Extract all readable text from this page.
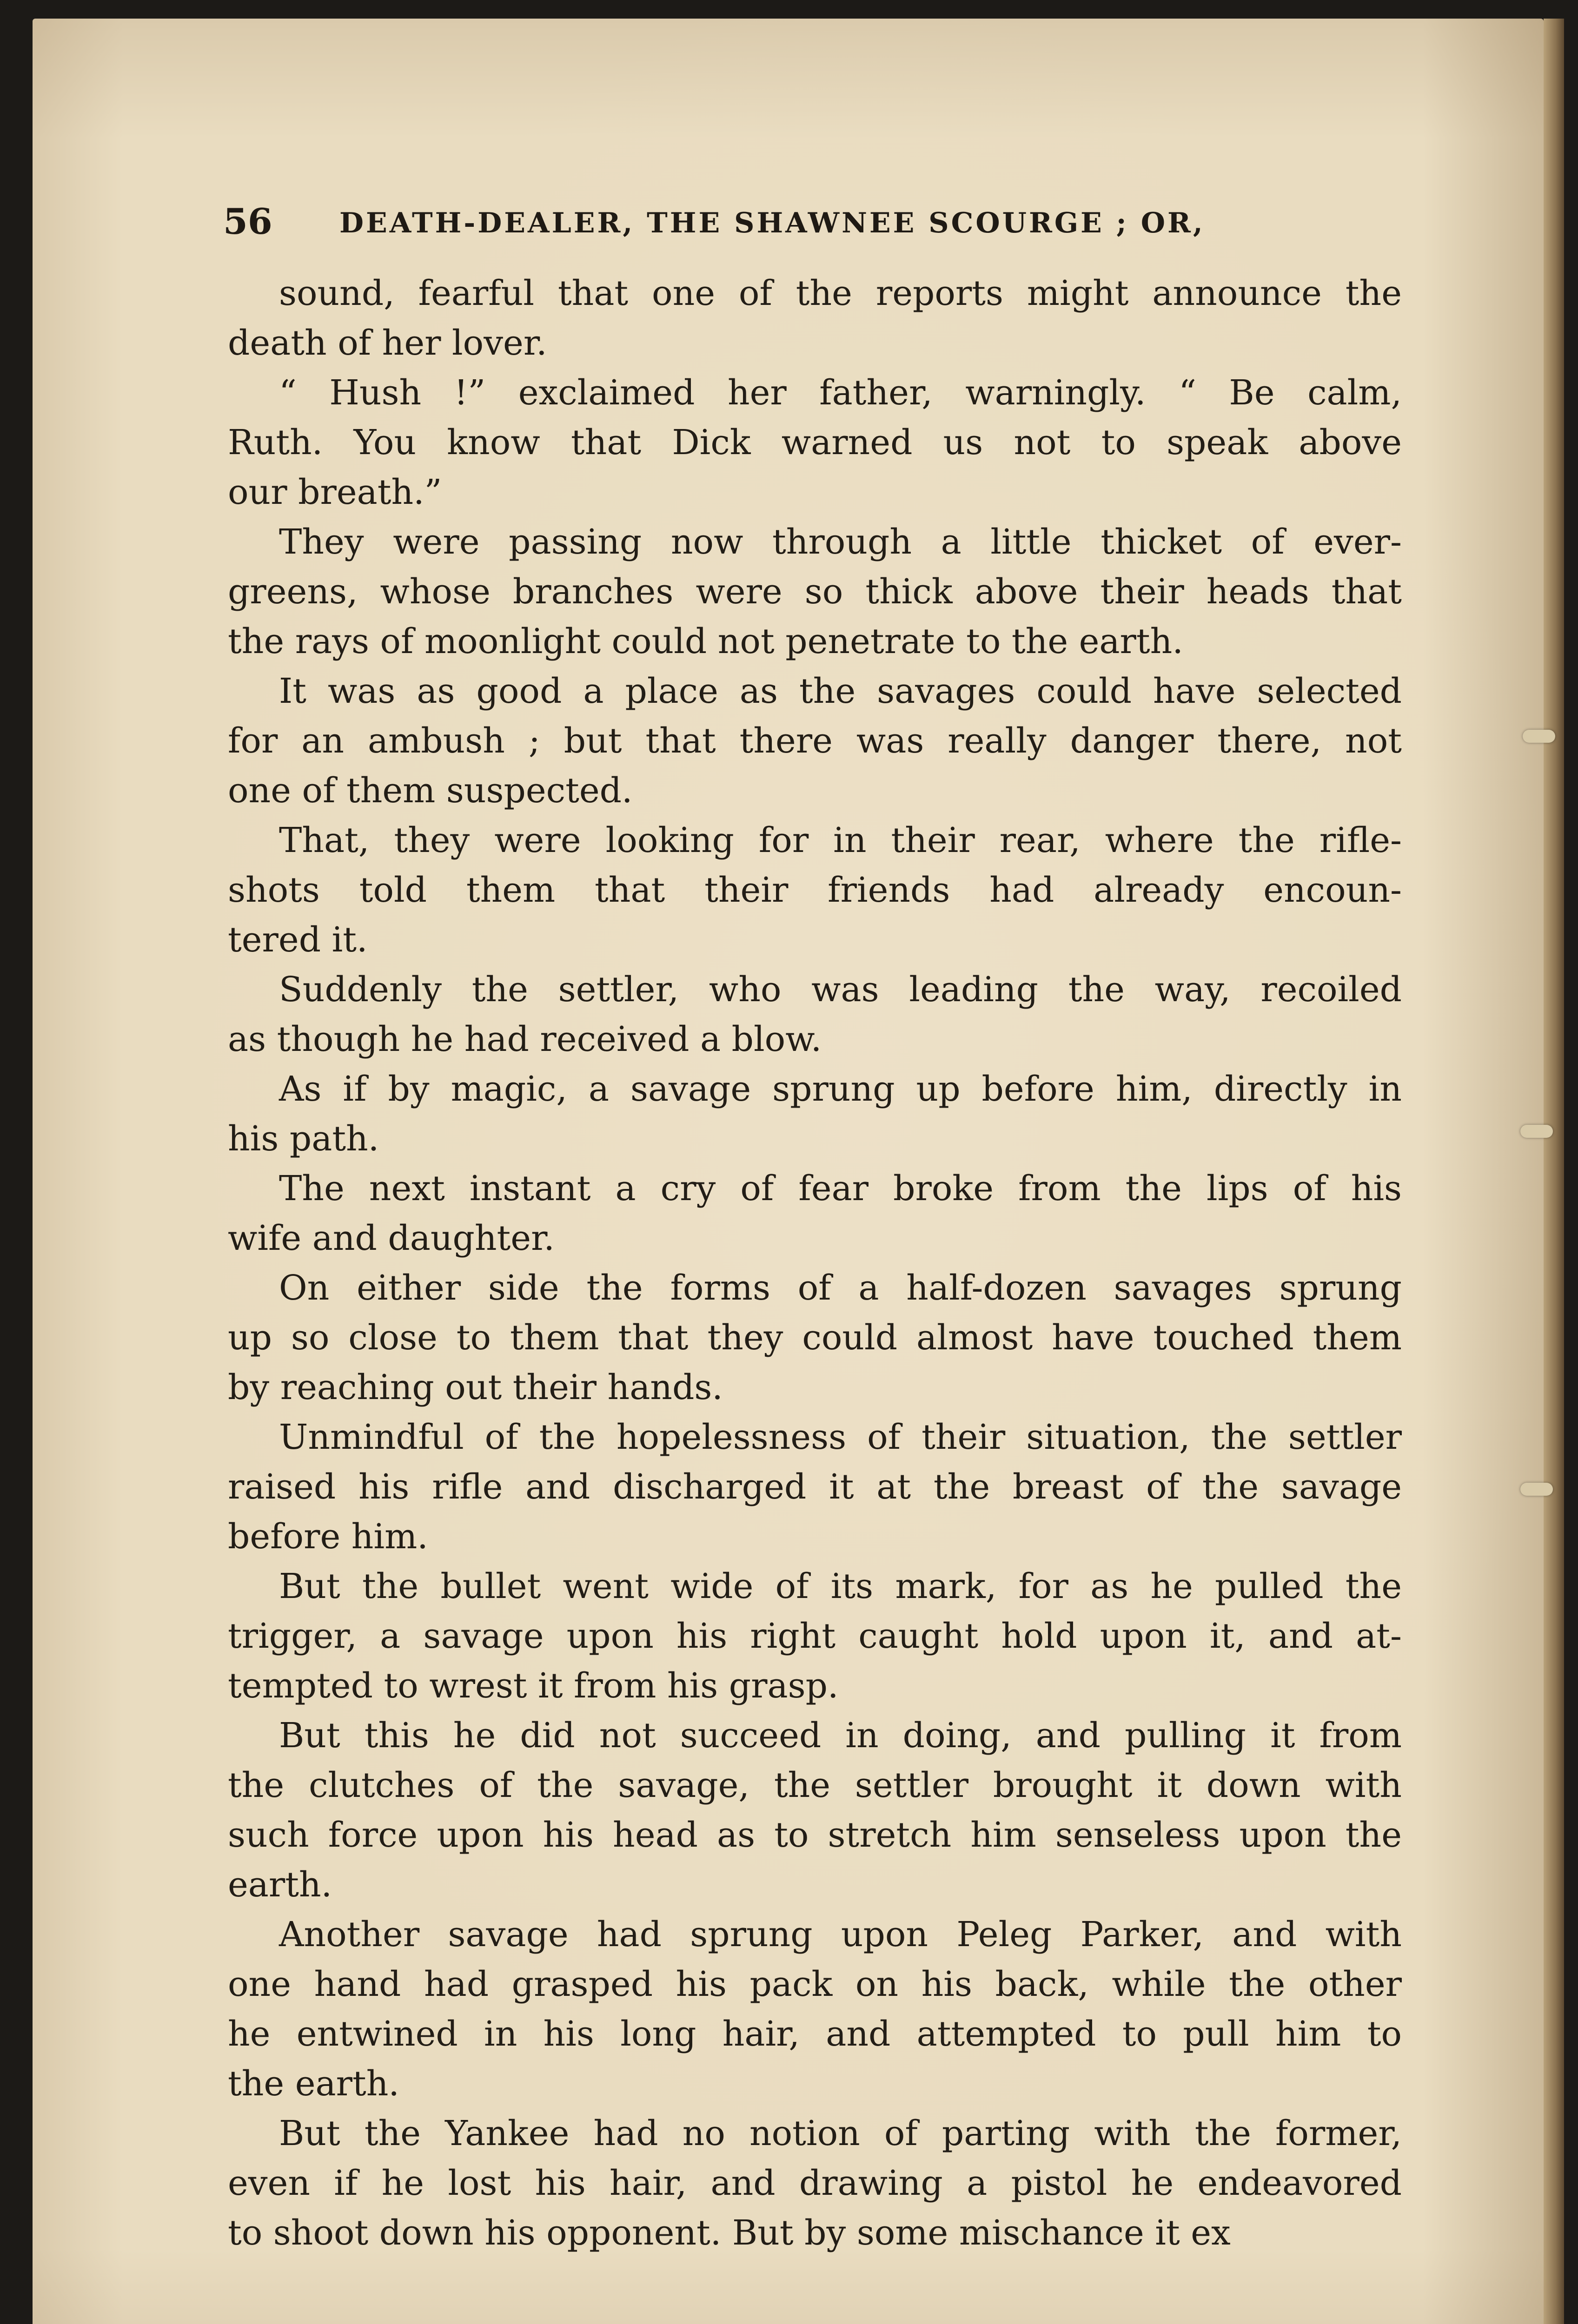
56 DEATH-DEALER, THE SHAWNEE SCOURGE ; OR,
sound, fearful that one of the reports might announce the
death of her lover.
“ Hush !” exclaimed her father, warningly. “ Be calm,
Ruth. You know that Dick warned us not to speak above
our breath.”
They were passing now through a little thicket of ever-
greens, whose branches were so thick above their heads that
the rays of moonlight could not penetrate to the earth.
It was as good a place as the savages could have selected
for an ambush ; but that there was really danger there, not
one of them suspected.
That, they were looking for in their rear, where the rifle-
shots told them that their friends had already encoun-
tered it.
Suddenly the settler, who was leading the way, recoiled
as though he had received a blow.
As if by magic, a savage sprung up before him, directly in
his path.
The next instant a cry of fear broke from the lips of his
wife and daughter.
On either side the forms of a half-dozen savages sprung
up so close to them that they could almost have touched them
by reaching out their hands.
Unmindful of the hopelessness of their situation, the settler
raised his rifle and discharged it at the breast of the savage
before him.
But the bullet went wide of its mark, for as he pulled the
trigger, a savage upon his right caught hold upon it, and at-
tempted to wrest it from his grasp.
But this he did not succeed in doing, and pulling it from
the clutches of the savage, the settler brought it down with
such force upon his head as to stretch him senseless upon the
earth.
Another savage had sprung upon Peleg Parker, and with
one hand had grasped his pack on his back, while the other
he entwined in his long hair, and attempted to pull him to
the earth.
But the Yankee had no notion of parting with the former,
even if he lost his hair, and drawing a pistol he endeavored
to shoot down his opponent. But by some mischance it ex
